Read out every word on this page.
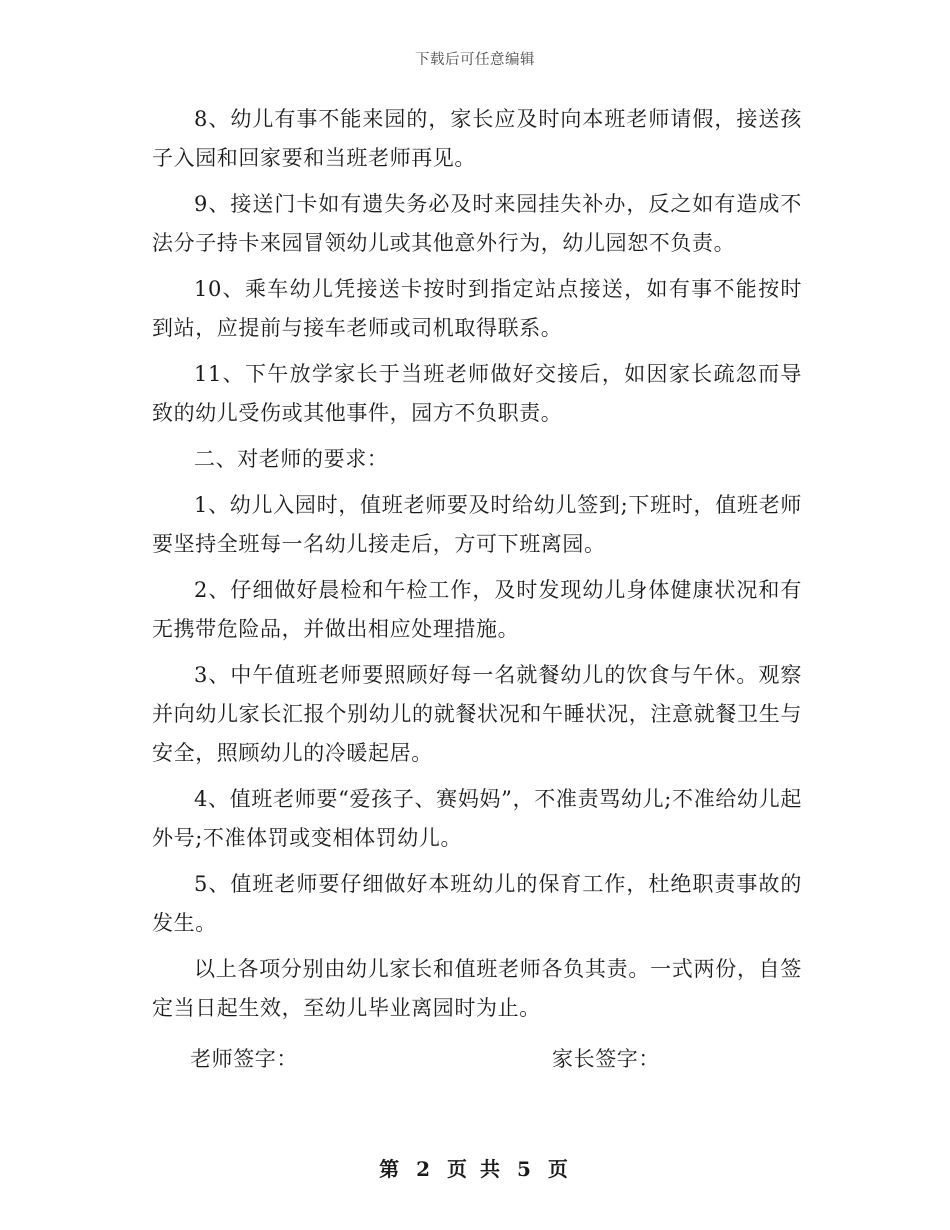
下载后可任意编辑

8、幼儿有事不能来园的，家长应及时向本班老师请假，接送孩子入园和回家要和当班老师再见。

9、接送门卡如有遗失务必及时来园挂失补办，反之如有造成不法分子持卡来园冒领幼儿或其他意外行为，幼儿园恕不负责。

10、乘车幼儿凭接送卡按时到指定站点接送，如有事不能按时到站，应提前与接车老师或司机取得联系。

11、下午放学家长于当班老师做好交接后，如因家长疏忽而导致的幼儿受伤或其他事件，园方不负职责。

二、对老师的要求：

1、幼儿入园时，值班老师要及时给幼儿签到;下班时，值班老师要坚持全班每一名幼儿接走后，方可下班离园。

2、仔细做好晨检和午检工作，及时发现幼儿身体健康状况和有无携带危险品，并做出相应处理措施。

3、中午值班老师要照顾好每一名就餐幼儿的饮食与午休。观察并向幼儿家长汇报个别幼儿的就餐状况和午睡状况，注意就餐卫生与安全，照顾幼儿的冷暖起居。

4、值班老师要“爱孩子、赛妈妈”，不准责骂幼儿;不准给幼儿起外号;不准体罚或变相体罚幼儿。

5、值班老师要仔细做好本班幼儿的保育工作，杜绝职责事故的发生。

以上各项分别由幼儿家长和值班老师各负其责。一式两份，自签定当日起生效，至幼儿毕业离园时为止。

老师签字：	家长签字：
第 2 页 共 5 页
